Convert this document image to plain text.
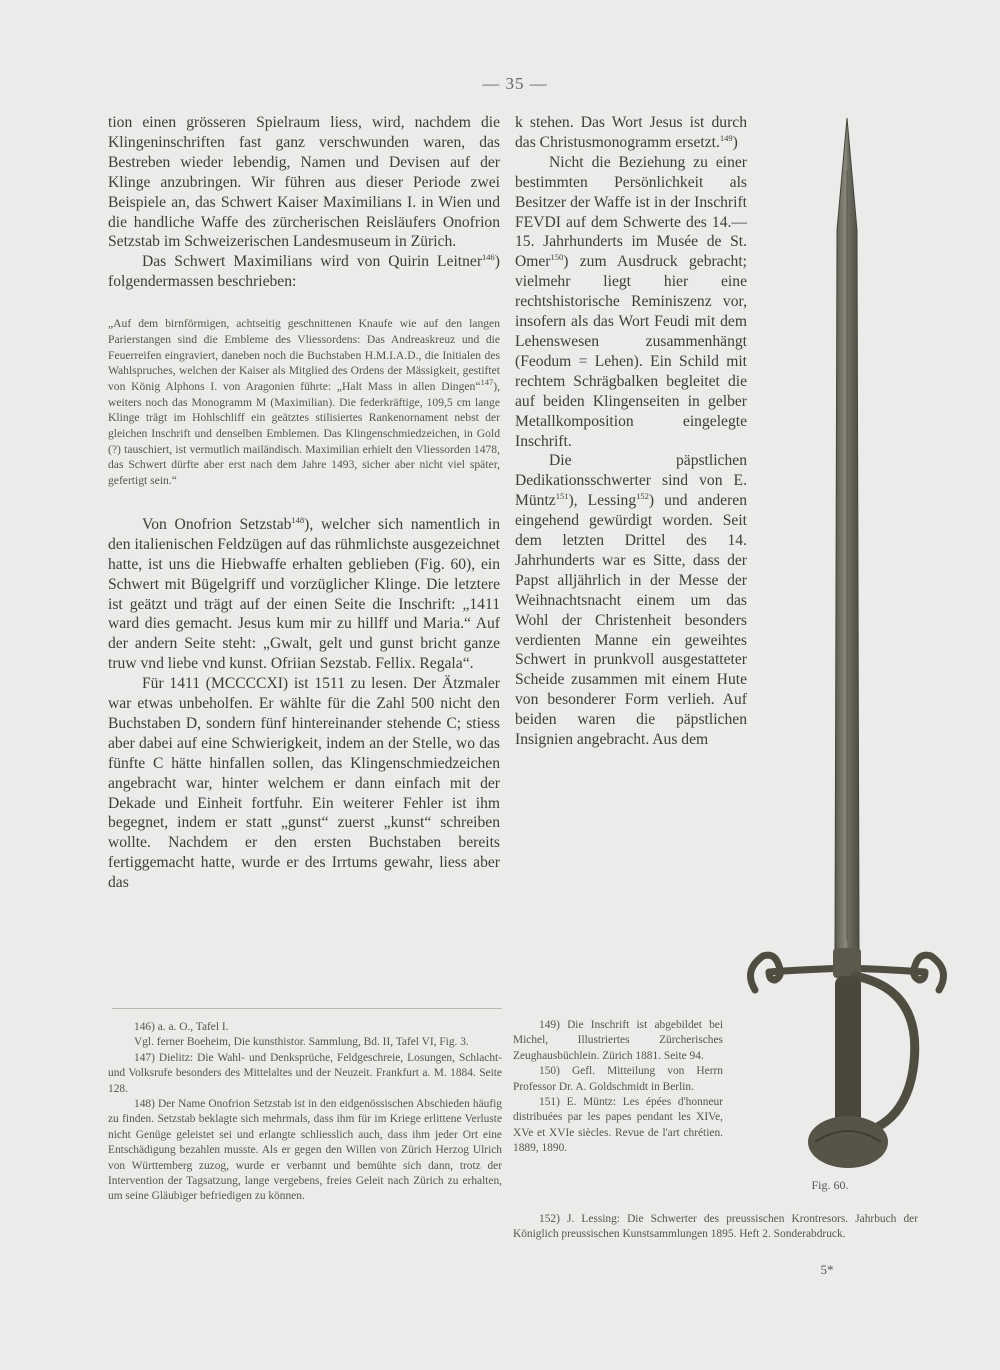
— 35 —

tion einen grösseren Spielraum liess, wird, nachdem die Klingeninschriften fast ganz verschwunden waren, das Bestreben wieder lebendig, Namen und Devisen auf der Klinge anzubringen. Wir führen aus dieser Periode zwei Beispiele an, das Schwert Kaiser Maximilians I. in Wien und die handliche Waffe des zürcherischen Reisläufers Onofrion Setzstab im Schweizerischen Landesmuseum in Zürich.

Das Schwert Maximilians wird von Quirin Leitner$^{146}$) folgendermassen beschrieben:

„Auf dem birnförmigen, achtseitig geschnittenen Knaufe wie auf den langen Parierstangen sind die Embleme des Vliessordens: Das Andreaskreuz und die Feuerreifen eingraviert, daneben noch die Buchstaben H.M.I.A.D., die Initialen des Wahlspruches, welchen der Kaiser als Mitglied des Ordens der Mässigkeit, gestiftet von König Alphons I. von Aragonien führte: „Halt Mass in allen Dingen“$^{147}$), weiters noch das Monogramm M (Maximilian). Die federkräftige, 109,5 cm lange Klinge trägt im Hohlschliff ein geätztes stilisiertes Rankenornament nebst der gleichen Inschrift und denselben Emblemen. Das Klingenschmiedzeichen, in Gold (?) tauschiert, ist vermutlich mailändisch. Maximilian erhielt den Vliessorden 1478, das Schwert dürfte aber erst nach dem Jahre 1493, sicher aber nicht viel später, gefertigt sein.“

Von Onofrion Setzstab$^{148}$), welcher sich namentlich in den italienischen Feldzügen auf das rühmlichste ausgezeichnet hatte, ist uns die Hiebwaffe erhalten geblieben (Fig. 60), ein Schwert mit Bügelgriff und vorzüglicher Klinge. Die letztere ist geätzt und trägt auf der einen Seite die Inschrift: „1411 ward dies gemacht. Jesus kum mir zu hillff und Maria.“ Auf der andern Seite steht: „Gwalt, gelt und gunst bricht ganze truw vnd liebe vnd kunst. Ofriian Sezstab. Fellix. Regala“.

Für 1411 (MCCCCXI) ist 1511 zu lesen. Der Ätzmaler war etwas unbeholfen. Er wählte für die Zahl 500 nicht den Buchstaben D, sondern fünf hintereinander stehende C; stiess aber dabei auf eine Schwierigkeit, indem an der Stelle, wo das fünfte C hätte hinfallen sollen, das Klingenschmiedzeichen angebracht war, hinter welchem er dann einfach mit der Dekade und Einheit fortfuhr. Ein weiterer Fehler ist ihm begegnet, indem er statt „gunst“ zuerst „kunst“ schreiben wollte. Nachdem er den ersten Buchstaben bereits fertiggemacht hatte, wurde er des Irrtums gewahr, liess aber das

k stehen. Das Wort Jesus ist durch das Christusmonogramm ersetzt.$^{149}$)

Nicht die Beziehung zu einer bestimmten Persönlichkeit als Besitzer der Waffe ist in der Inschrift FEVDI auf dem Schwerte des 14.—15. Jahrhunderts im Musée de St. Omer$^{150}$) zum Ausdruck gebracht; vielmehr liegt hier eine rechtshistorische Reminiszenz vor, insofern als das Wort Feudi mit dem Lehenswesen zusammenhängt (Feodum = Lehen). Ein Schild mit rechtem Schrägbalken begleitet die auf beiden Klingenseiten in gelber Metallkomposition eingelegte Inschrift.

Die päpstlichen Dedikationsschwerter sind von E. Müntz$^{151}$), Lessing$^{152}$) und anderen eingehend gewürdigt worden. Seit dem letzten Drittel des 14. Jahrhunderts war es Sitte, dass der Papst alljährlich in der Messe der Weihnachtsnacht einem um das Wohl der Christenheit besonders verdienten Manne ein geweihtes Schwert in prunkvoll ausgestatteter Scheide zusammen mit einem Hute von besonderer Form verlieh. Auf beiden waren die päpstlichen Insignien angebracht. Aus dem

Fig. 60.

146) a. a. O., Tafel I.

Vgl. ferner Boeheim, Die kunsthistor. Sammlung, Bd. II, Tafel VI, Fig. 3.

147) Dielitz: Die Wahl- und Denksprüche, Feldgeschreie, Losungen, Schlacht- und Volksrufe besonders des Mittelaltes und der Neuzeit. Frankfurt a. M. 1884. Seite 128.

148) Der Name Onofrion Setzstab ist in den eidgenössischen Abschieden häufig zu finden. Setzstab beklagte sich mehrmals, dass ihm für im Kriege erlittene Verluste nicht Genüge geleistet sei und erlangte schliesslich auch, dass ihm jeder Ort eine Entschädigung bezahlen musste. Als er gegen den Willen von Zürich Herzog Ulrich von Württemberg zuzog, wurde er verbannt und bemühte sich dann, trotz der Intervention der Tagsatzung, lange vergebens, freies Geleit nach Zürich zu erhalten, um seine Gläubiger befriedigen zu können.

149) Die Inschrift ist abgebildet bei Michel, Illustriertes Zürcherisches Zeughausbüchlein. Zürich 1881. Seite 94.

150) Gefl. Mitteilung von Herrn Professor Dr. A. Goldschmidt in Berlin.

151) E. Müntz: Les épées d'honneur distribuées par les papes pendant les XIVe, XVe et XVIe siècles. Revue de l'art chrétien. 1889, 1890.

152) J. Lessing: Die Schwerter des preussischen Krontresors. Jahrbuch der Königlich preussischen Kunstsammlungen 1895. Heft 2. Sonderabdruck.

5*
